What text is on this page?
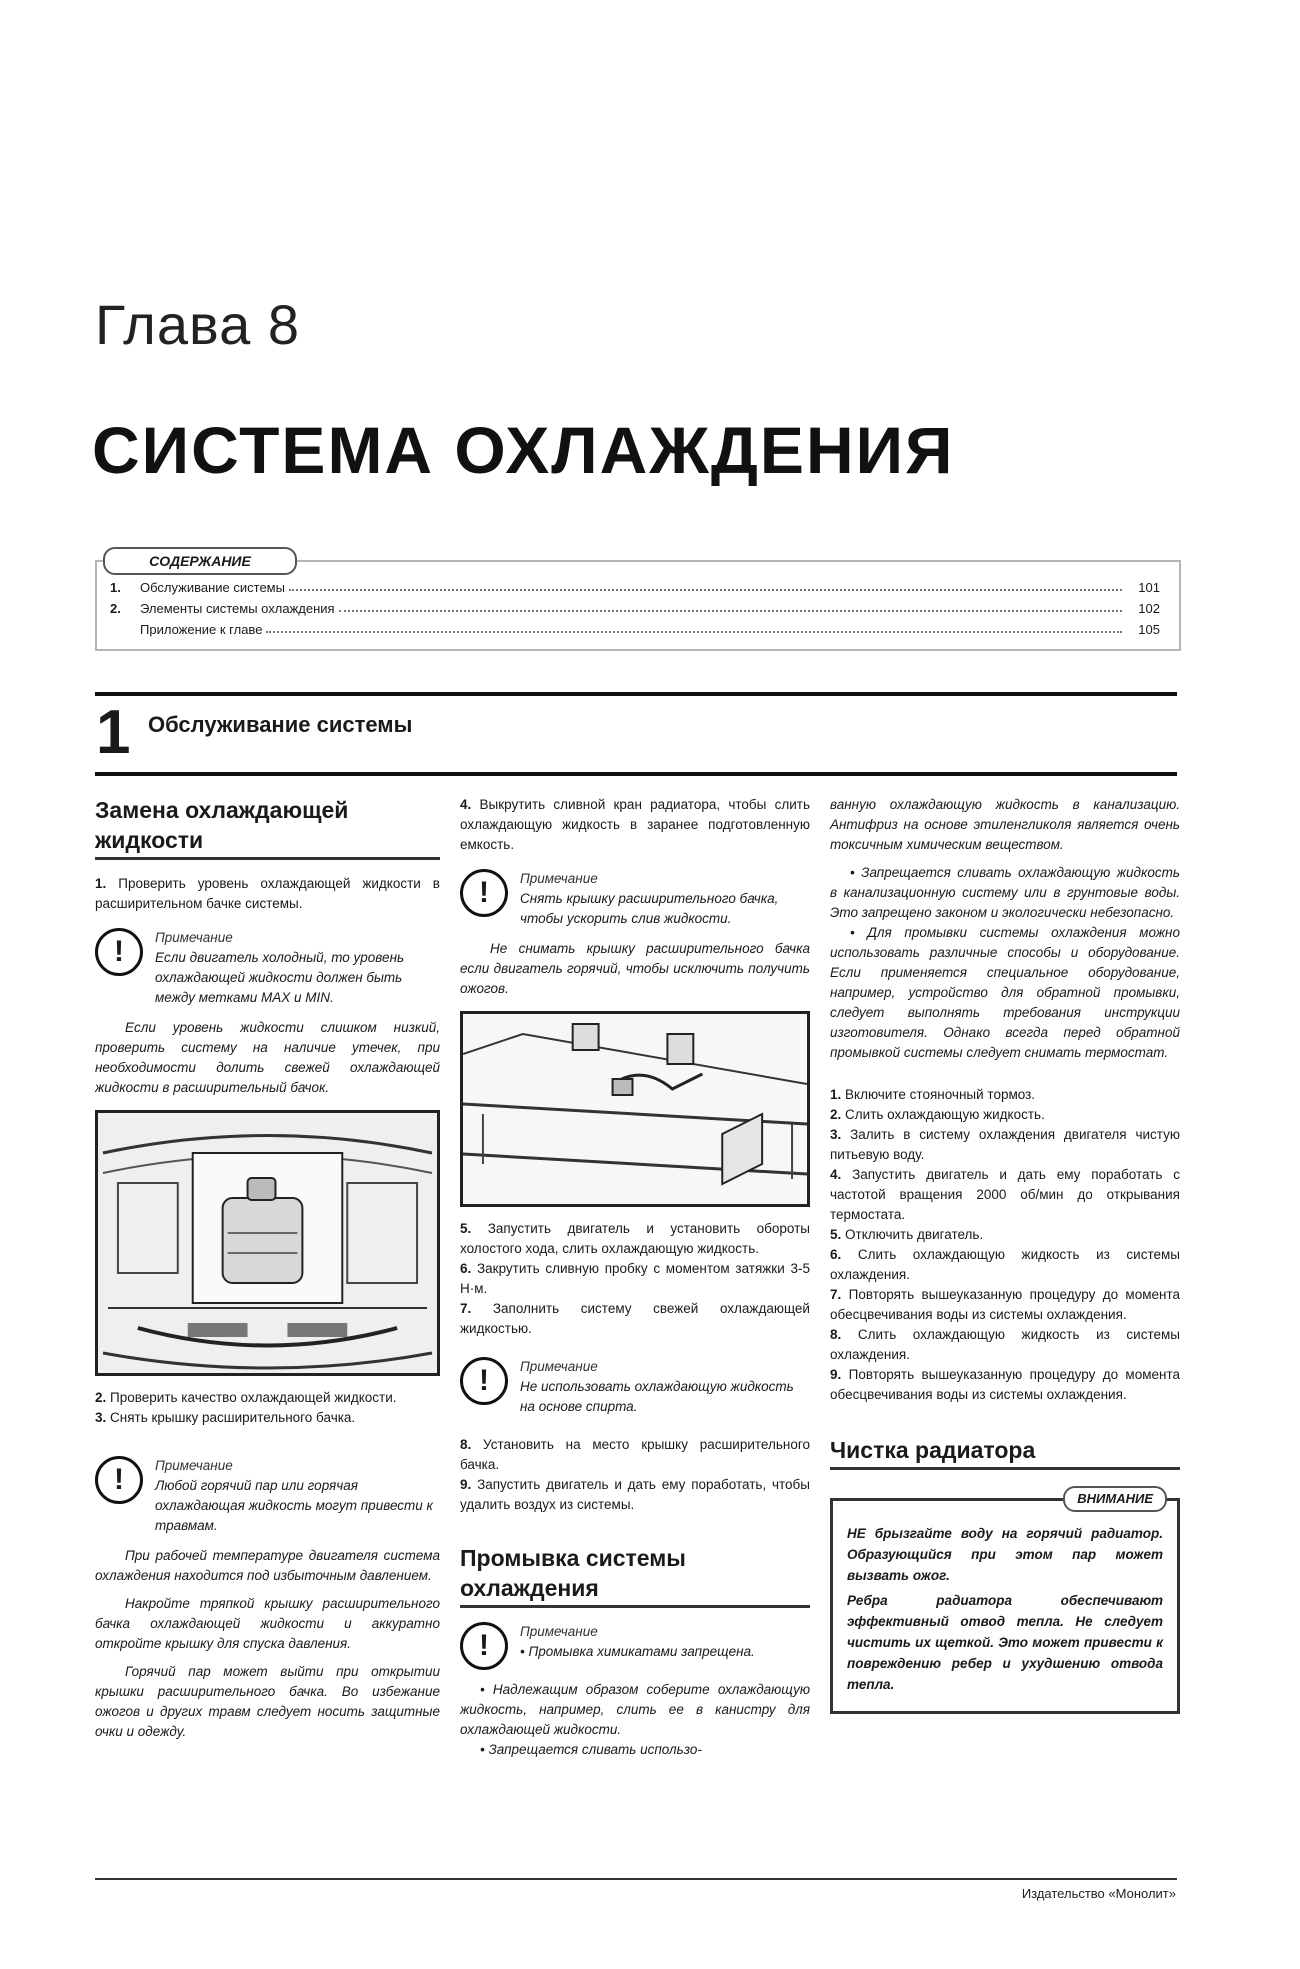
Глава 8
СИСТЕМА ОХЛАЖДЕНИЯ
СОДЕРЖАНИЕ
1.	Обслуживание системы	101
2.	Элементы системы охлаждения	102
Приложение к главе	105
1 Обслуживание системы
Замена охлаждающей жидкости

1. Проверить уровень охлаждающей жидкости в расширительном бачке системы.

!	Примечание
Если двигатель холодный, то уровень охлаждающей жидкости должен быть между метками MAX и MIN.

Если уровень жидкости слишком низкий, проверить систему на наличие утечек, при необходимости долить свежей охлаждающей жидкости в расширительный бачок.

2. Проверить качество охлаждающей жидкости.

3. Снять крышку расширительного бачка.

!	Примечание
Любой горячий пар или горячая охлаждающая жидкость могут привести к травмам.

При рабочей температуре двигателя система охлаждения находится под избыточным давлением.

Накройте тряпкой крышку расширительного бачка охлаждающей жидкости и аккуратно откройте крышку для спуска давления.

Горячий пар может выйти при открытии крышки расширительного бачка. Во избежание ожогов и других травм следует носить защитные очки и одежду.

4. Выкрутить сливной кран радиатора, чтобы слить охлаждающую жидкость в заранее подготовленную емкость.

!	Примечание
Снять крышку расширительного бачка, чтобы ускорить слив жидкости.

Не снимать крышку расширительного бачка если двигатель горячий, чтобы исключить получить ожогов.

5. Запустить двигатель и установить обороты холостого хода, слить охлаждающую жидкость.

6. Закрутить сливную пробку с моментом затяжки 3-5 Н·м.

7. Заполнить систему свежей охлаждающей жидкостью.

!	Примечание
Не использовать охлаждающую жидкость на основе спирта.

8. Установить на место крышку расширительного бачка.

9. Запустить двигатель и дать ему поработать, чтобы удалить воздух из системы.

Промывка системы охлаждения
!	Примечание
• Промывка химикатами запрещена.

• Надлежащим образом соберите охлаждающую жидкость, например, слить ее в канистру для охлаждающей жидкости.

• Запрещается сливать использо-

ванную охлаждающую жидкость в канализацию. Антифриз на основе этиленгликоля является очень токсичным химическим веществом.

• Запрещается сливать охлаждающую жидкость в канализационную систему или в грунтовые воды. Это запрещено законом и экологически небезопасно.

• Для промывки системы охлаждения можно использовать различные способы и оборудование. Если применяется специальное оборудование, например, устройство для обратной промывки, следует выполнять требования инструкции изготовителя. Однако всегда перед обратной промывкой системы следует снимать термостат.

1. Включите стояночный тормоз.

2. Слить охлаждающую жидкость.

3. Залить в систему охлаждения двигателя чистую питьевую воду.

4. Запустить двигатель и дать ему поработать с частотой вращения 2000 об/мин до открывания термостата.

5. Отключить двигатель.

6. Слить охлаждающую жидкость из системы охлаждения.

7. Повторять вышеуказанную процедуру до момента обесцвечивания воды из системы охлаждения.

8. Слить охлаждающую жидкость из системы охлаждения.

9. Повторять вышеуказанную процедуру до момента обесцвечивания воды из системы охлаждения.

Чистка радиатора
ВНИМАНИЕ

НЕ брызгайте воду на горячий радиатор. Образующийся при этом пар может вызвать ожог.

Ребра радиатора обеспечивают эффективный отвод тепла. Не следует чистить их щеткой. Это может привести к повреждению ребер и ухудшению отвода тепла.

Издательство «Монолит»
